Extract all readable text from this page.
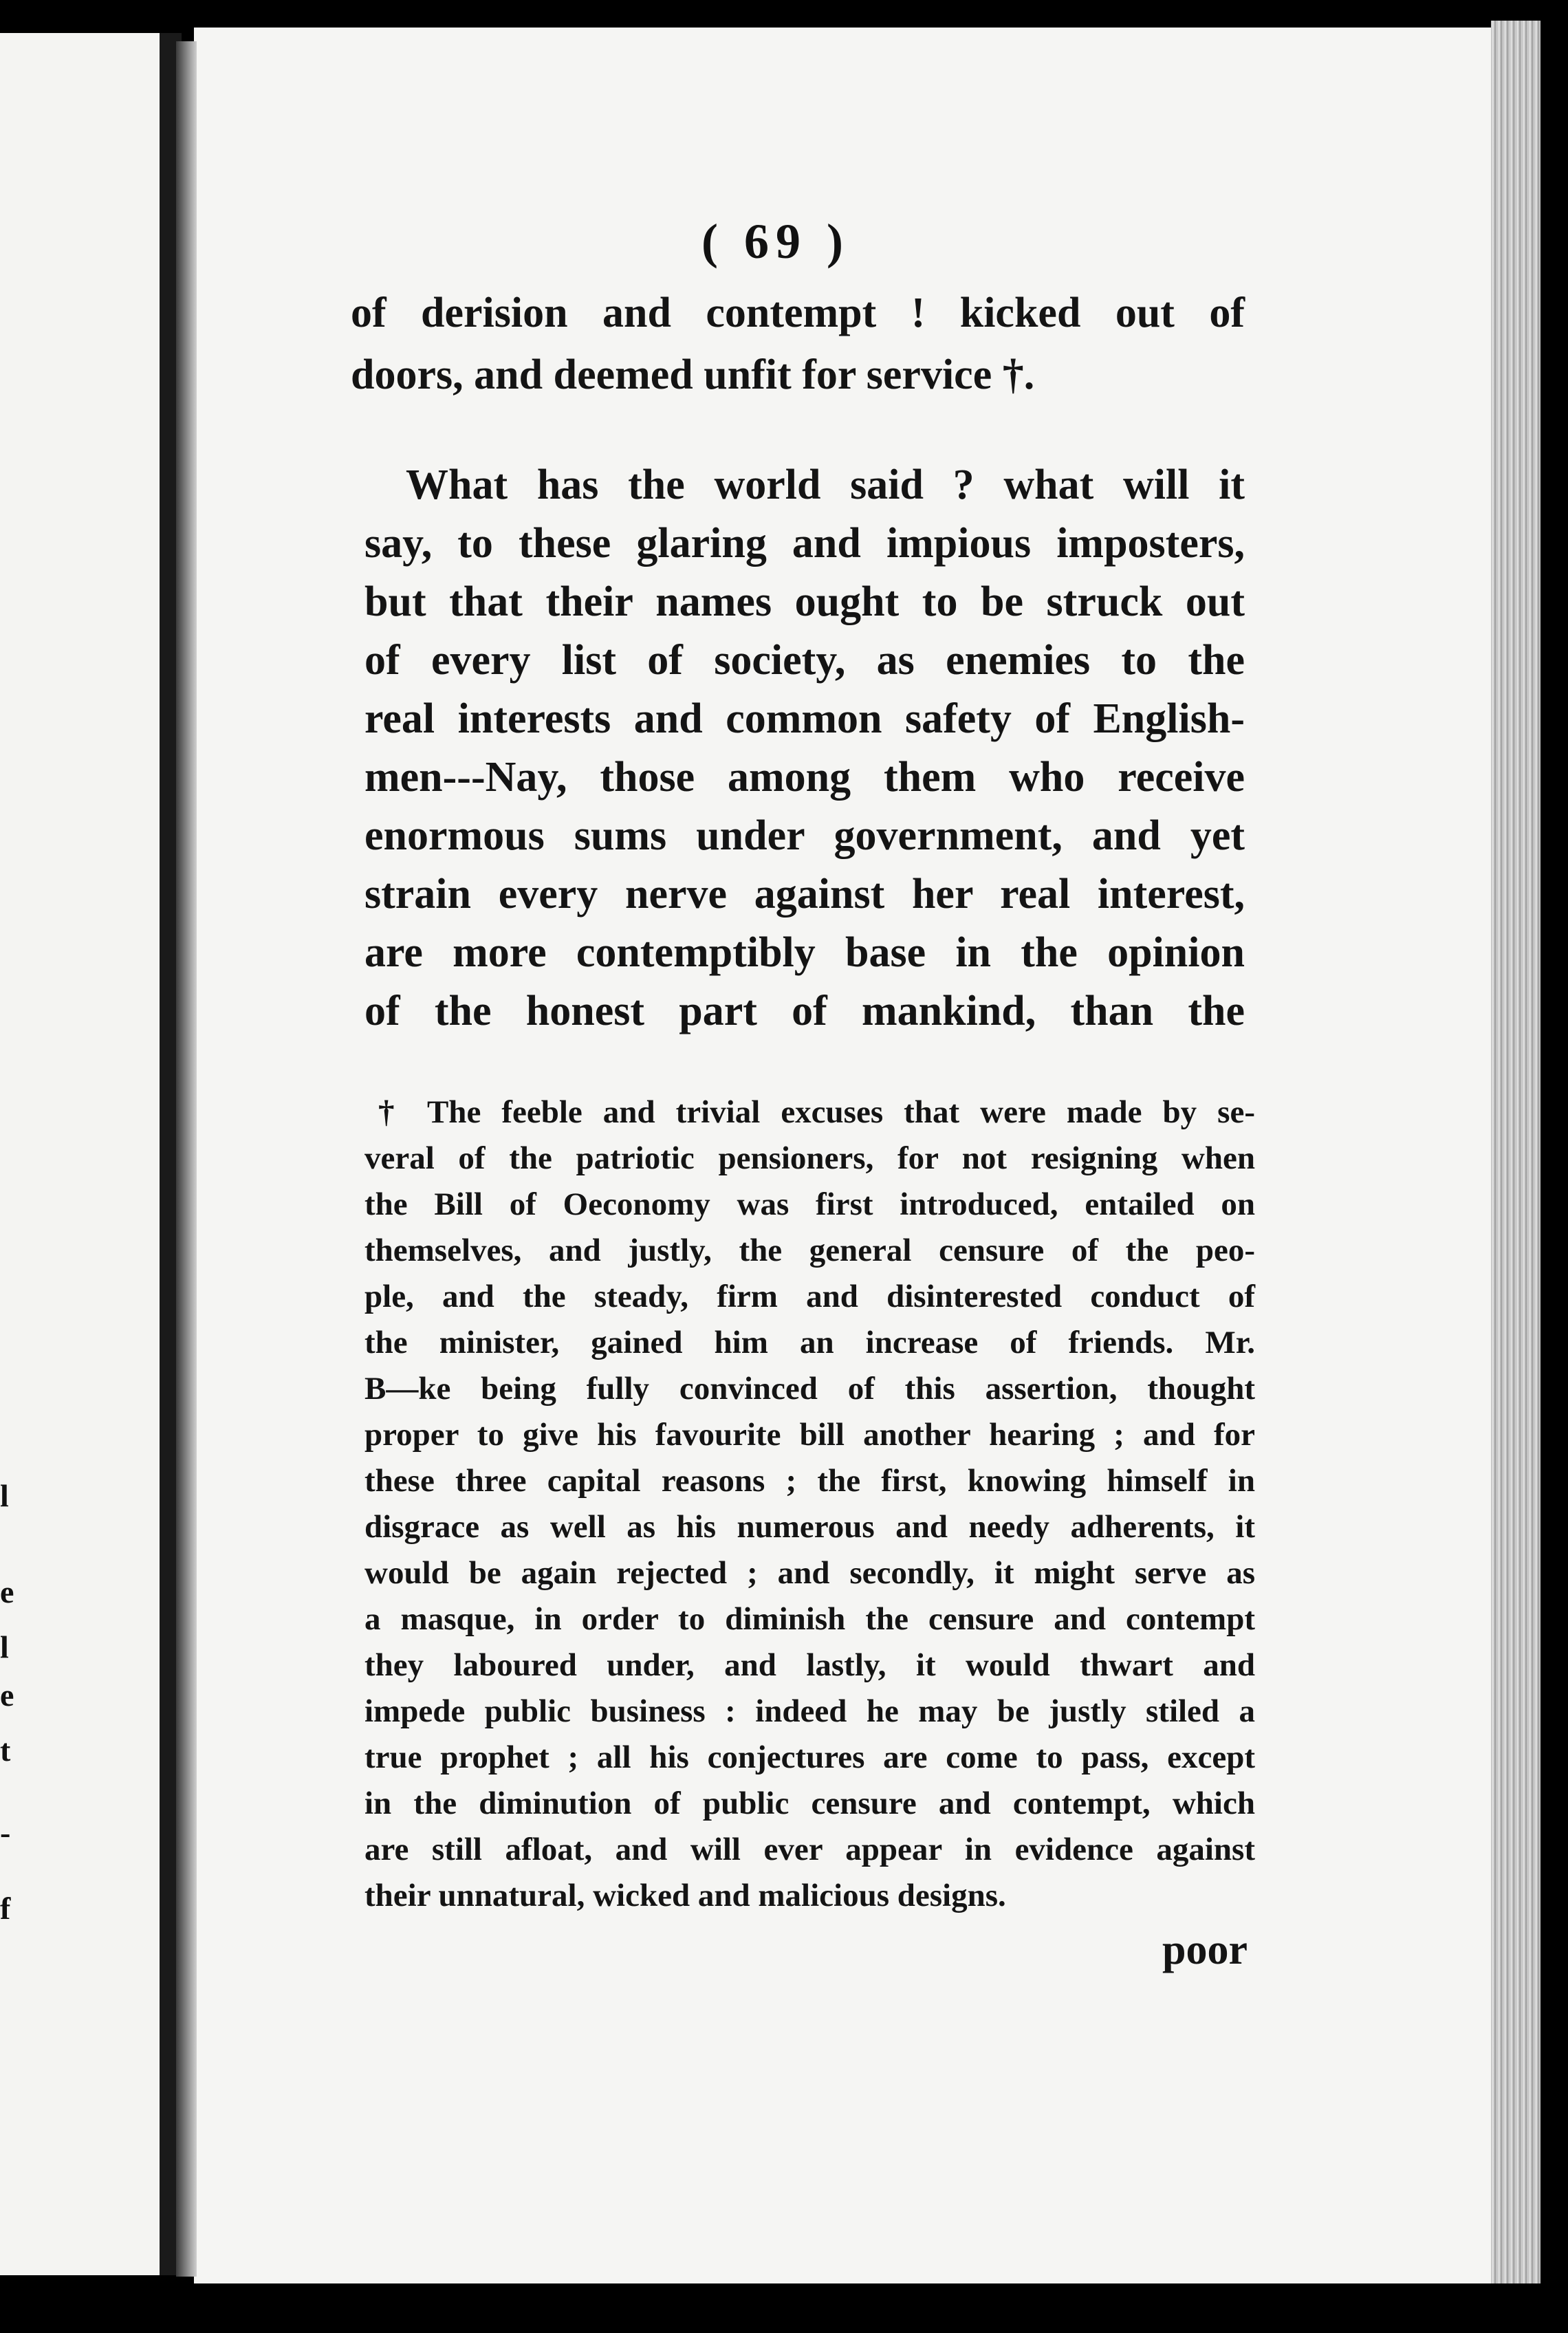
l
e
l
e
t
-
f
( 69 )
of derision and contempt ! kicked out of
doors, and deemed unfit for service †.
What has the world said ? what will it
say, to these glaring and impious imposters,
but that their names ought to be struck out
of every list of society, as enemies to the
real interests and common safety of English-
men---Nay, those among them who receive
enormous sums under government, and yet
strain every nerve against her real interest,
are more contemptibly base in the opinion
of the honest part of mankind, than the
† The feeble and trivial excuses that were made by se-
veral of the patriotic pensioners, for not resigning when
the Bill of Oeconomy was first introduced, entailed on
themselves, and justly, the general censure of the peo-
ple, and the steady, firm and disinterested conduct of
the minister, gained him an increase of friends. Mr.
B—ke being fully convinced of this assertion, thought
proper to give his favourite bill another hearing ; and for
these three capital reasons ; the first, knowing himself in
disgrace as well as his numerous and needy adherents, it
would be again rejected ; and secondly, it might serve as
a masque, in order to diminish the censure and contempt
they laboured under, and lastly, it would thwart and
impede public business : indeed he may be justly stiled a
true prophet ; all his conjectures are come to pass, except
in the diminution of public censure and contempt, which
are still afloat, and will ever appear in evidence against
their unnatural, wicked and malicious designs.
poor
